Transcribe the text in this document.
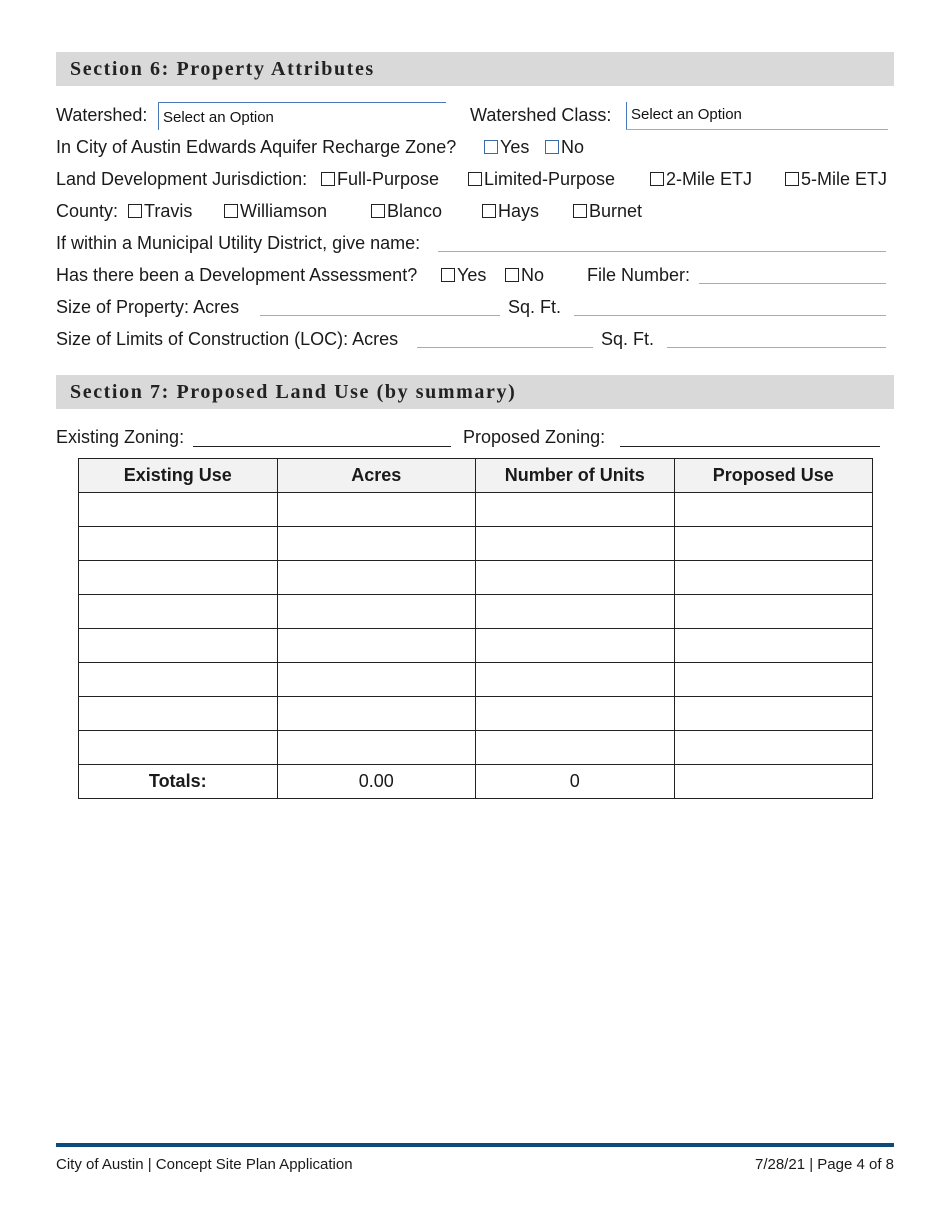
Section 6: Property Attributes
Watershed:	Select an Option	Watershed Class:	Select an Option
In City of Austin Edwards Aquifer Recharge Zone?	Yes	No
Land Development Jurisdiction:	Full-Purpose	Limited-Purpose	2-Mile ETJ	5-Mile ETJ
County:	Travis	Williamson	Blanco	Hays	Burnet
If within a Municipal Utility District, give name:
Has there been a Development Assessment?	Yes	No File Number:
Size of Property: Acres	Sq. Ft.
Size of Limits of Construction (LOC): Acres	Sq. Ft.
Section 7: Proposed Land Use (by summary)
Existing Zoning:	Proposed Zoning:
Existing Use	Acres	Number of Units	Proposed Use

Totals:	0.00	0	
City of Austin | Concept Site Plan Application	7/28/21 | Page 4 of 8
